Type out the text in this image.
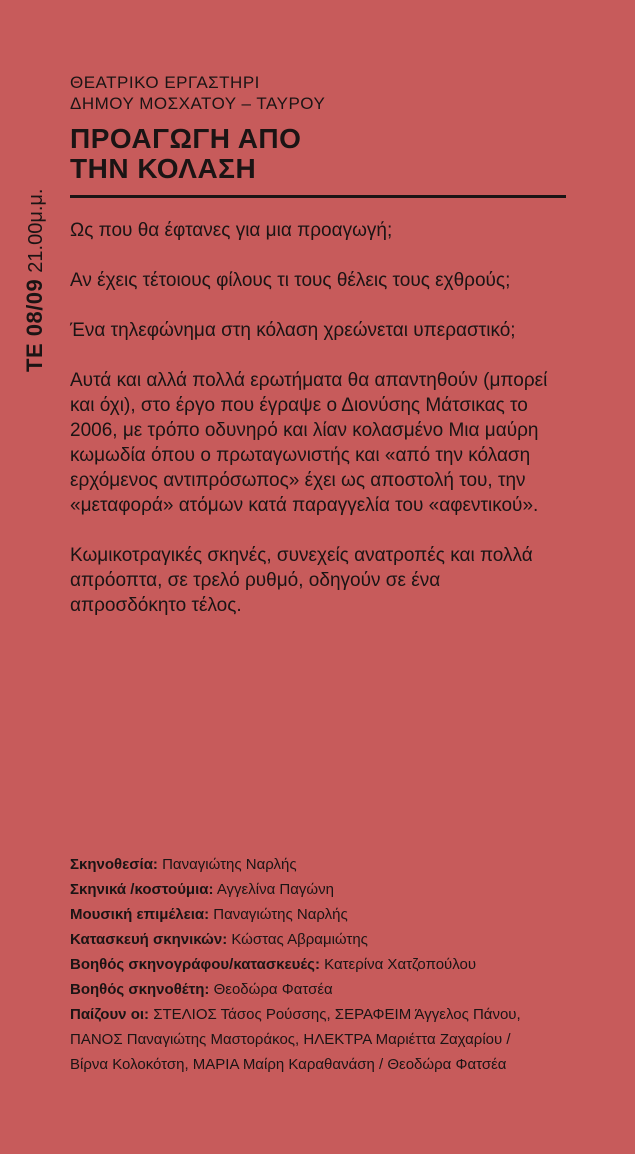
ΤΕ 08/0921.00μ.μ.
ΘΕΑΤΡΙΚΟ ΕΡΓΑΣΤΗΡΙ
ΔΗΜΟΥ ΜΟΣΧΑΤΟΥ – ΤΑΥΡΟΥ
ΠΡΟΑΓΩΓΗ ΑΠΟ
ΤΗΝ ΚΟΛΑΣΗ

Ως που θα έφτανες για μια προαγωγή;

Αν έχεις τέτοιους φίλους τι τους θέλεις τους εχθρούς;

Ένα τηλεφώνημα στη κόλαση χρεώνεται υπεραστικό;

Αυτά και αλλά πολλά ερωτήματα θα απαντηθούν (μπορεί και όχι), στο έργο που έγραψε ο Διονύσης Μάτσικας το 2006, με τρόπο οδυνηρό και λίαν κολασμένο Μια μαύρη κωμωδία όπου ο πρωταγωνιστής και «από την κόλαση ερχόμενος αντιπρόσωπος» έχει ως αποστολή του, την «μεταφορά» ατόμων κατά παραγγελία του «αφεντικού».

Κωμικοτραγικές σκηνές, συνεχείς ανατροπές και πολλά απρόοπτα, σε τρελό ρυθμό, οδηγούν σε ένα απροσδόκητο τέλος.

Σκηνοθεσία: Παναγιώτης Ναρλής
Σκηνικά /κοστούμια: Αγγελίνα Παγώνη
Μουσική επιμέλεια: Παναγιώτης Ναρλής
Κατασκευή σκηνικών: Κώστας Αβραμιώτης
Βοηθός σκηνογράφου/κατασκευές: Κατερίνα Χατζοπούλου
Βοηθός σκηνοθέτη: Θεοδώρα Φατσέα
Παίζουν οι: ΣΤΕΛΙΟΣ Τάσος Ρούσσης, ΣΕΡΑΦΕΙΜ Άγγελος Πάνου,
ΠΑΝΟΣ Παναγιώτης Μαστοράκος, ΗΛΕΚΤΡΑ Μαριέττα Ζαχαρίου /
Βίρνα Κολοκότση, ΜΑΡΙΑ Μαίρη Καραθανάση / Θεοδώρα Φατσέα
